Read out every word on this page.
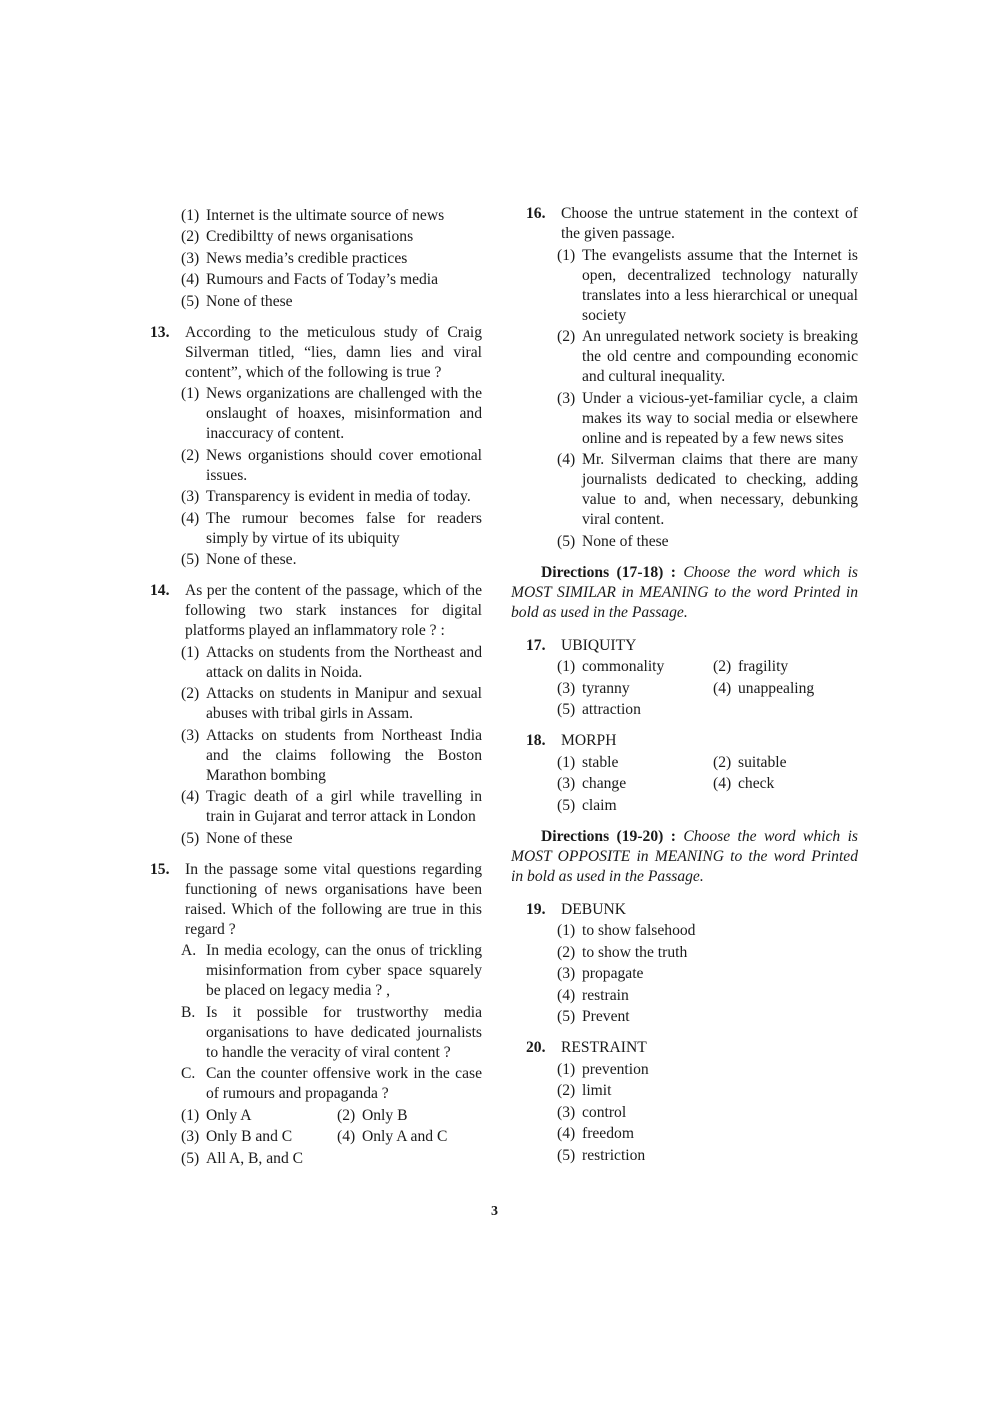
(1) Internet is the ultimate source of news
(2) Credibiltty of news organisations
(3) News media’s credible practices
(4) Rumours and Facts of Today’s media
(5) None of these
13. According to the meticulous study of Craig Silverman titled, “lies, damn lies and viral content”, which of the following is true ?
(1) News organizations are challenged with the onslaught of hoaxes, misinformation and inaccuracy of content.
(2) News organistions should cover emotional issues.
(3) Transparency is evident in media of today.
(4) The rumour becomes false for readers simply by virtue of its ubiquity
(5) None of these.
14. As per the content of the passage, which of the following two stark instances for digital platforms played an inflammatory role ? :
(1) Attacks on students from the Northeast and attack on dalits in Noida.
(2) Attacks on students in Manipur and sexual abuses with tribal girls in Assam.
(3) Attacks on students from Northeast India and the claims following the Boston Marathon bombing
(4) Tragic death of a girl while travelling in train in Gujarat and terror attack in London
(5) None of these
15. In the passage some vital questions regarding functioning of news organisations have been raised. Which of the following are true in this regard ?
A. In media ecology, can the onus of trickling misinformation from cyber space squarely be placed on legacy media ? ,
B. Is it possible for trustworthy media organisations to have dedicated journalists to handle the veracity of viral content ?
C. Can the counter offensive work in the case of rumours and propaganda ?
(1) Only A	(2) Only B
(3) Only B and C	(4) Only A and C
(5) All A, B, and C
16. Choose the untrue statement in the context of the given passage.
(1) The evangelists assume that the Internet is open, decentralized technology naturally translates into a less hierarchical or unequal society
(2) An unregulated network society is breaking the old centre and compounding economic and cultural inequality.
(3) Under a vicious-yet-familiar cycle, a claim makes its way to social media or elsewhere online and is repeated by a few news sites
(4) Mr. Silverman claims that there are many journalists dedicated to checking, adding value to and, when necessary, debunking viral content.
(5) None of these
Directions (17-18) : Choose the word which is MOST SIMILAR in MEANING to the word Printed in bold as used in the Passage.
17. UBIQUITY
(1) commonality	(2) fragility
(3) tyranny	(4) unappealing
(5) attraction
18. MORPH
(1) stable	(2) suitable
(3) change	(4) check
(5) claim
Directions (19-20) : Choose the word which is MOST OPPOSITE in MEANING to the word Printed in bold as used in the Passage.
19. DEBUNK
(1) to show falsehood
(2) to show the truth
(3) propagate
(4) restrain
(5) Prevent
20. RESTRAINT
(1) prevention
(2) limit
(3) control
(4) freedom
(5) restriction
3
